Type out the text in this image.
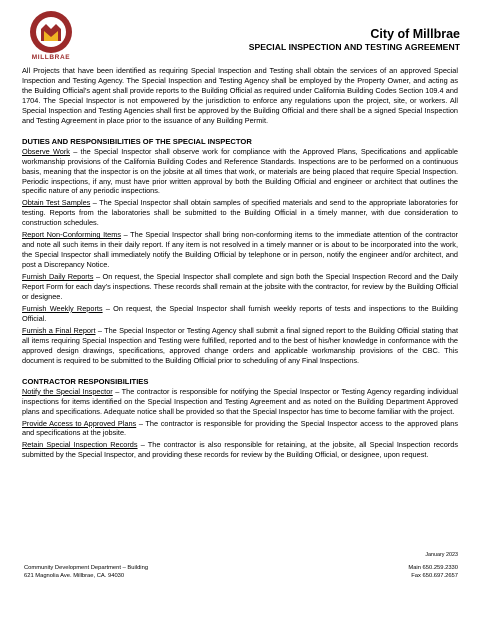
MILLBRAE
City of Millbrae
SPECIAL INSPECTION AND TESTING AGREEMENT

All Projects that have been identified as requiring Special Inspection and Testing shall obtain the services of an approved Special Inspection and Testing Agency. The Special Inspection and Testing Agency shall be employed by the Property Owner, and acting as the Building Official’s agent shall provide reports to the Building Official as required under California Building Codes Section 109.4 and 1704. The Special Inspector is not empowered by the jurisdiction to enforce any regulations upon the project, site, or workers. All Special Inspection and Testing Agencies shall first be approved by the Building Official and there shall be a signed Special Inspection and Testing Agreement in place prior to the issuance of any Building Permit.

DUTIES AND RESPONSIBILITIES OF THE SPECIAL INSPECTOR

Observe Work – the Special Inspector shall observe work for compliance with the Approved Plans, Specifications and applicable workmanship provisions of the California Building Codes and Reference Standards. Inspections are to be performed on a continuous basis, meaning that the inspector is on the jobsite at all times that work, or materials are being placed that require Special Inspection. Periodic inspections, if any, must have prior written approval by both the Building Official and engineer or architect that outlines the specific nature of any periodic inspections.

Obtain Test Samples – The Special Inspector shall obtain samples of specified materials and send to the appropriate laboratories for testing. Reports from the laboratories shall be submitted to the Building Official in a timely manner, with due consideration to construction schedules.

Report Non-Conforming Items – The Special Inspector shall bring non-conforming items to the immediate attention of the contractor and note all such items in their daily report. If any item is not resolved in a timely manner or is about to be incorporated into the work, the Special Inspector shall immediately notify the Building Official by telephone or in person, notify the engineer and/or architect, and post a Discrepancy Notice.

Furnish Daily Reports – On request, the Special Inspector shall complete and sign both the Special Inspection Record and the Daily Report Form for each day’s inspections. These records shall remain at the jobsite with the contractor, for review by the Building Official or designee.

Furnish Weekly Reports – On request, the Special Inspector shall furnish weekly reports of tests and inspections to the Building Official.

Furnish a Final Report – The Special Inspector or Testing Agency shall submit a final signed report to the Building Official stating that all items requiring Special Inspection and Testing were fulfilled, reported and to the best of his/her knowledge in conformance with the approved design drawings, specifications, approved change orders and applicable workmanship provisions of the CBC. This document is required to be submitted to the Building Official prior to scheduling of any Final Inspections.

CONTRACTOR RESPONSIBILITIES

Notify the Special Inspector – The contractor is responsible for notifying the Special Inspector or Testing Agency regarding individual inspections for items identified on the Special Inspection and Testing Agreement and as noted on the Building Department Approved plans and specifications. Adequate notice shall be provided so that the Special Inspector has time to become familiar with the project.

Provide Access to Approved Plans – The contractor is responsible for providing the Special Inspector access to the approved plans and specifications at the jobsite.

Retain Special Inspection Records – The contractor is also responsible for retaining, at the jobsite, all Special Inspection records submitted by the Special Inspector, and providing these records for review by the Building Official, or designee, upon request.

January 2023
Community Development Department – Building
621 Magnolia Ave. Millbrae, CA. 94030
Main 650.259.2330
Fax 650.697.2657
